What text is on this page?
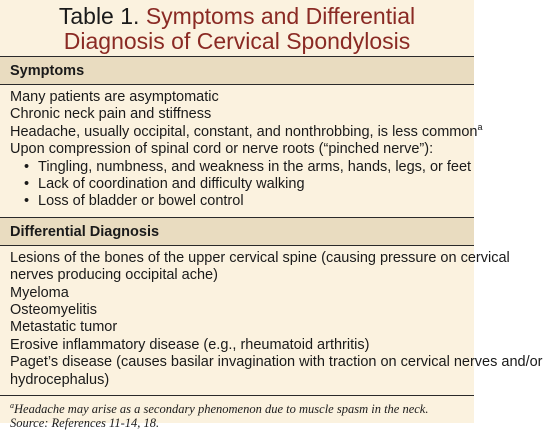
Table 1. Symptoms and Differential
Diagnosis of Cervical Spondylosis
Symptoms
Many patients are asymptomatic
Chronic neck pain and stiffness
Headache, usually occipital, constant, and nonthrobbing, is less common$^a$
Upon compression of spinal cord or nerve roots (“pinched nerve”):
• Tingling, numbness, and weakness in the arms, hands, legs, or feet
• Lack of coordination and difficulty walking
• Loss of bladder or bowel control
Differential Diagnosis
Lesions of the bones of the upper cervical spine (causing pressure on cervical
nerves producing occipital ache)
Myeloma
Osteomyelitis
Metastatic tumor
Erosive inflammatory disease (e.g., rheumatoid arthritis)
Paget’s disease (causes basilar invagination with traction on cervical nerves and/or
hydrocephalus)
$^a$Headache may arise as a secondary phenomenon due to muscle spasm in the neck.
Source: References 11-14, 18.
